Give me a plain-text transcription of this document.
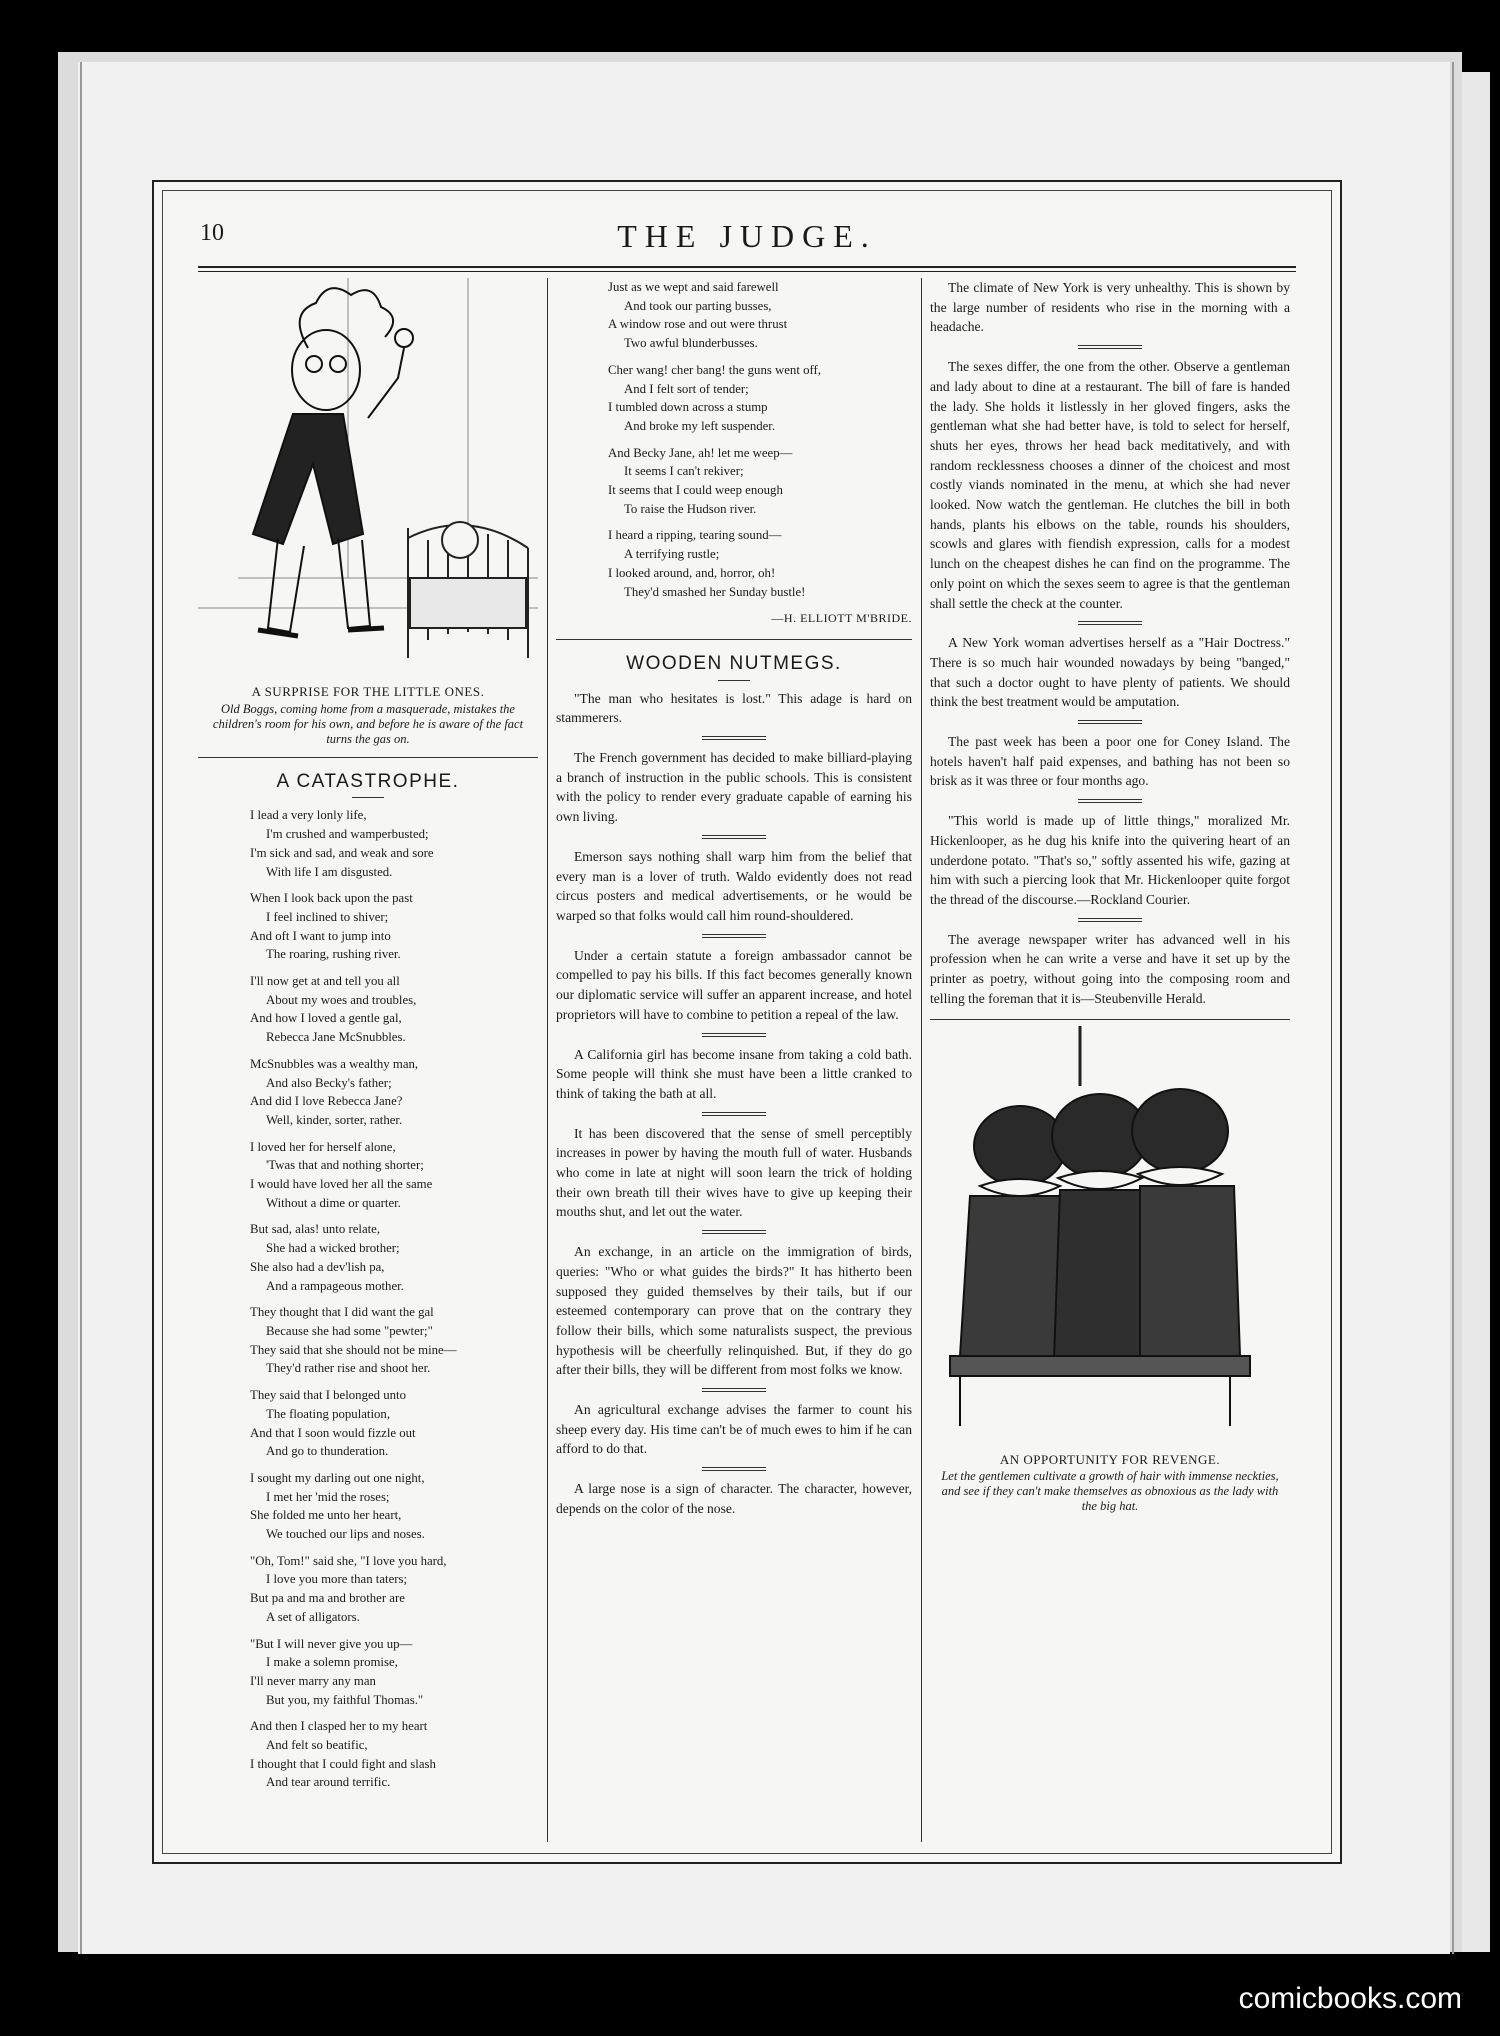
10	THE JUDGE.
A SURPRISE FOR THE LITTLE ONES.
Old Boggs, coming home from a masquerade, mistakes the children's room for his own, and before he is aware of the fact turns the gas on.
A CATASTROPHE.
I lead a very lonly life,
I'm crushed and wamperbusted;
I'm sick and sad, and weak and sore
With life I am disgusted.
When I look back upon the past
I feel inclined to shiver;
And oft I want to jump into
The roaring, rushing river.
I'll now get at and tell you all
About my woes and troubles,
And how I loved a gentle gal,
Rebecca Jane McSnubbles.
McSnubbles was a wealthy man,
And also Becky's father;
And did I love Rebecca Jane?
Well, kinder, sorter, rather.
I loved her for herself alone,
'Twas that and nothing shorter;
I would have loved her all the same
Without a dime or quarter.
But sad, alas! unto relate,
She had a wicked brother;
She also had a dev'lish pa,
And a rampageous mother.
They thought that I did want the gal
Because she had some "pewter;"
They said that she should not be mine—
They'd rather rise and shoot her.
They said that I belonged unto
The floating population,
And that I soon would fizzle out
And go to thunderation.
I sought my darling out one night,
I met her 'mid the roses;
She folded me unto her heart,
We touched our lips and noses.
"Oh, Tom!" said she, "I love you hard,
I love you more than taters;
But pa and ma and brother are
A set of alligators.
"But I will never give you up—
I make a solemn promise,
I'll never marry any man
But you, my faithful Thomas."
And then I clasped her to my heart
And felt so beatific,
I thought that I could fight and slash
And tear around terrific.
Just as we wept and said farewell
And took our parting busses,
A window rose and out were thrust
Two awful blunderbusses.
Cher wang! cher bang! the guns went off,
And I felt sort of tender;
I tumbled down across a stump
And broke my left suspender.
And Becky Jane, ah! let me weep—
It seems I can't rekiver;
It seems that I could weep enough
To raise the Hudson river.
I heard a ripping, tearing sound—
A terrifying rustle;
I looked around, and, horror, oh!
They'd smashed her Sunday bustle!
—H. ELLIOTT M'BRIDE.
WOODEN NUTMEGS.

"The man who hesitates is lost." This adage is hard on stammerers.

The French government has decided to make billiard-playing a branch of instruction in the public schools. This is consistent with the policy to render every graduate capable of earning his own living.

Emerson says nothing shall warp him from the belief that every man is a lover of truth. Waldo evidently does not read circus posters and medical advertisements, or he would be warped so that folks would call him round-shouldered.

Under a certain statute a foreign ambassador cannot be compelled to pay his bills. If this fact becomes generally known our diplomatic service will suffer an apparent increase, and hotel proprietors will have to combine to petition a repeal of the law.

A California girl has become insane from taking a cold bath. Some people will think she must have been a little cranked to think of taking the bath at all.

It has been discovered that the sense of smell perceptibly increases in power by having the mouth full of water. Husbands who come in late at night will soon learn the trick of holding their own breath till their wives have to give up keeping their mouths shut, and let out the water.

An exchange, in an article on the immigration of birds, queries: "Who or what guides the birds?" It has hitherto been supposed they guided themselves by their tails, but if our esteemed contemporary can prove that on the contrary they follow their bills, which some naturalists suspect, the previous hypothesis will be cheerfully relinquished. But, if they do go after their bills, they will be different from most folks we know.

An agricultural exchange advises the farmer to count his sheep every day. His time can't be of much ewes to him if he can afford to do that.

A large nose is a sign of character. The character, however, depends on the color of the nose.

The climate of New York is very unhealthy. This is shown by the large number of residents who rise in the morning with a headache.

The sexes differ, the one from the other. Observe a gentleman and lady about to dine at a restaurant. The bill of fare is handed the lady. She holds it listlessly in her gloved fingers, asks the gentleman what she had better have, is told to select for herself, shuts her eyes, throws her head back meditatively, and with random recklessness chooses a dinner of the choicest and most costly viands nominated in the menu, at which she had never looked. Now watch the gentleman. He clutches the bill in both hands, plants his elbows on the table, rounds his shoulders, scowls and glares with fiendish expression, calls for a modest lunch on the cheapest dishes he can find on the programme. The only point on which the sexes seem to agree is that the gentleman shall settle the check at the counter.

A New York woman advertises herself as a "Hair Doctress." There is so much hair wounded nowadays by being "banged," that such a doctor ought to have plenty of patients. We should think the best treatment would be amputation.

The past week has been a poor one for Coney Island. The hotels haven't half paid expenses, and bathing has not been so brisk as it was three or four months ago.

"This world is made up of little things," moralized Mr. Hickenlooper, as he dug his knife into the quivering heart of an underdone potato. "That's so," softly assented his wife, gazing at him with such a piercing look that Mr. Hickenlooper quite forgot the thread of the discourse.—Rockland Courier.

The average newspaper writer has advanced well in his profession when he can write a verse and have it set up by the printer as poetry, without going into the composing room and telling the foreman that it is—Steubenville Herald.

AN OPPORTUNITY FOR REVENGE.
Let the gentlemen cultivate a growth of hair with immense neckties, and see if they can't make themselves as obnoxious as the lady with the big hat.
comicbooks.com
